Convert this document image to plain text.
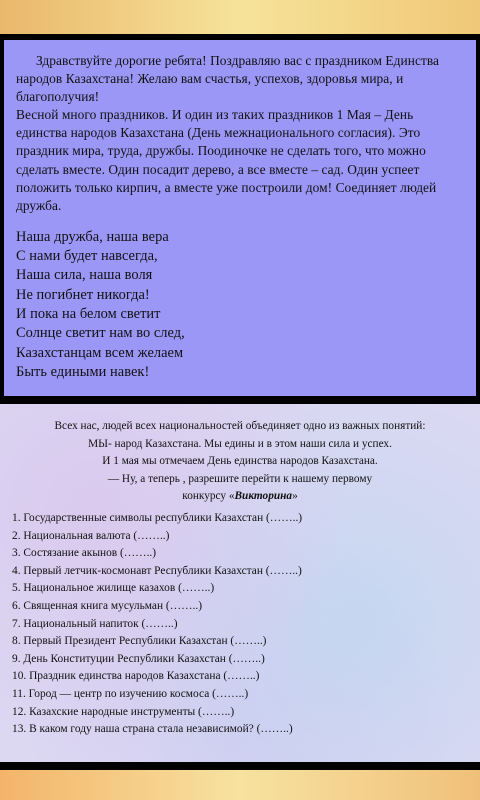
Здравствуйте дорогие ребята! Поздравляю вас с праздником Единства народов Казахстана! Желаю вам счастья, успехов, здоровья мира, и благополучия!

Весной много праздников. И один из таких праздников 1 Мая – День единства народов Казахстана (День межнационального согласия). Это праздник мира, труда, дружбы. Поодиночке не сделать того, что можно сделать вместе. Один посадит дерево, а все вместе – сад. Один успеет положить только кирпич, а вместе уже построили дом! Соединяет людей дружба.

Наша дружба, наша вера
С нами будет навсегда,
Наша сила, наша воля
Не погибнет никогда!
И пока на белом светит
Солнце светит нам во след,
Казахстанцам всем желаем
Быть едиными навек!
Всех нас, людей всех национальностей объединяет одно из важных понятий:
МЫ- народ Казахстана. Мы едины и в этом наши сила и успех.
И 1 мая мы отмечаем День единства народов Казахстана.
— Ну, а теперь , разрешите перейти к нашему первому
конкурсу «Викторина»
1. Государственные символы республики Казахстан (……..)
2. Национальная валюта (……..)
3. Состязание акынов (……..)
4. Первый летчик-космонавт Республики Казахстан (……..)
5. Национальное жилище казахов (……..)
6. Священная книга мусульман (……..)
7. Национальный напиток (……..)
8. Первый Президент Республики Казахстан (……..)
9. День Конституции Республики Казахстан (……..)
10. Праздник единства народов Казахстана (……..)
11. Город — центр по изучению космоса (……..)
12. Казахские народные инструменты (……..)
13. В каком году наша страна стала независимой? (……..)
